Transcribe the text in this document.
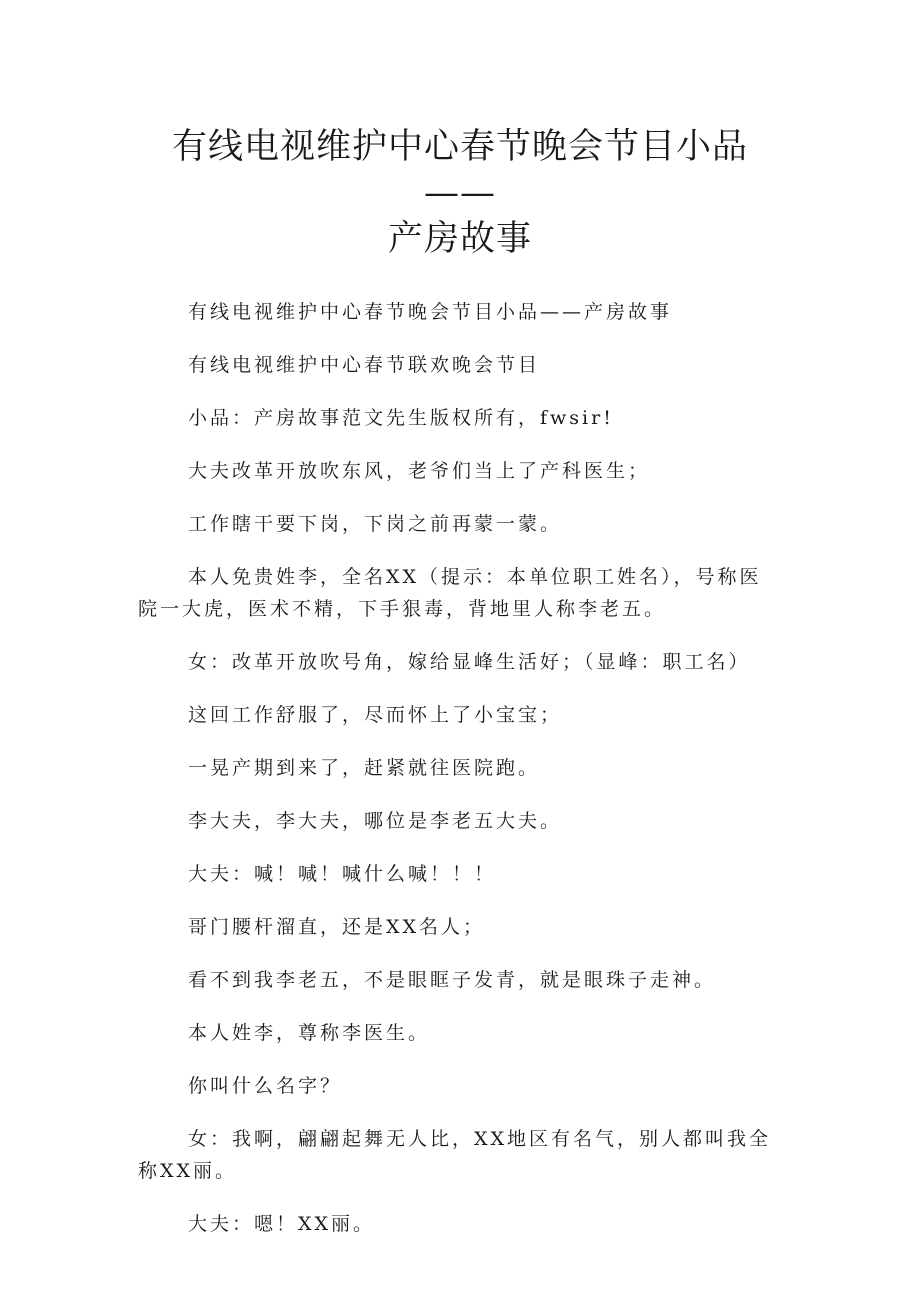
有线电视维护中心春节晚会节目小品——
产房故事

有线电视维护中心春节晚会节目小品——产房故事

有线电视维护中心春节联欢晚会节目

小品：产房故事范文先生版权所有，fwsir!

大夫改革开放吹东风，老爷们当上了产科医生；

工作瞎干要下岗，下岗之前再蒙一蒙。

本人免贵姓李，全名XX（提示：本单位职工姓名），号称医院一大虎，医术不精，下手狠毒，背地里人称李老五。

女：改革开放吹号角，嫁给显峰生活好；（显峰：职工名）

这回工作舒服了，尽而怀上了小宝宝；

一晃产期到来了，赶紧就往医院跑。

李大夫，李大夫，哪位是李老五大夫。

大夫：喊！喊！喊什么喊！！！

哥门腰杆溜直，还是XX名人；

看不到我李老五，不是眼眶子发青，就是眼珠子走神。

本人姓李，尊称李医生。

你叫什么名字？

女：我啊，翩翩起舞无人比，XX地区有名气，别人都叫我全称XX丽。

大夫：嗯！XX丽。
